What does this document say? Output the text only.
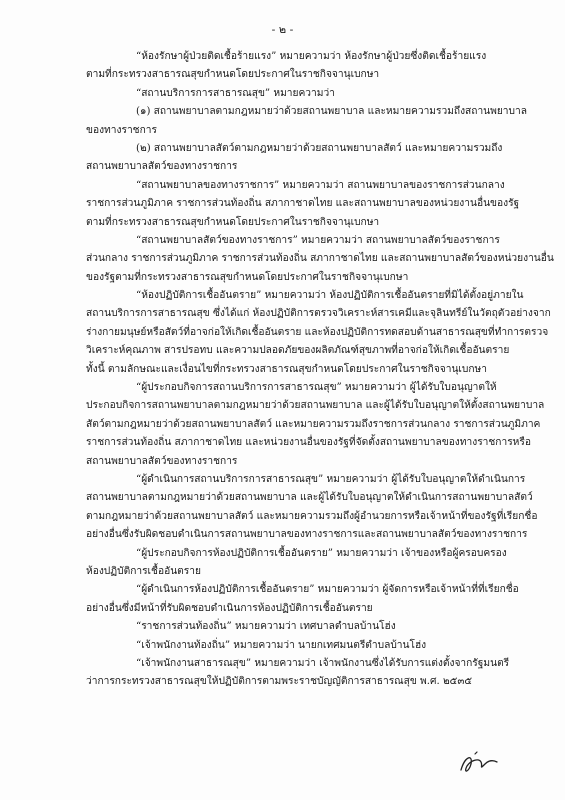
- ๒ -
“ห้องรักษาผู้ป่วยติดเชื้อร้ายแรง” หมายความว่า ห้องรักษาผู้ป่วยซึ่งติดเชื้อร้ายแรง
ตามที่กระทรวงสาธารณสุขกำหนดโดยประกาศในราชกิจจานุเบกษา
“สถานบริการการสาธารณสุข” หมายความว่า
(๑) สถานพยาบาลตามกฎหมายว่าด้วยสถานพยาบาล และหมายความรวมถึงสถานพยาบาล
ของทางราชการ
(๒) สถานพยาบาลสัตว์ตามกฎหมายว่าด้วยสถานพยาบาลสัตว์ และหมายความรวมถึง
สถานพยาบาลสัตว์ของทางราชการ
“สถานพยาบาลของทางราชการ” หมายความว่า สถานพยาบาลของราชการส่วนกลาง
ราชการส่วนภูมิภาค ราชการส่วนท้องถิ่น สภากาชาดไทย และสถานพยาบาลของหน่วยงานอื่นของรัฐ
ตามที่กระทรวงสาธารณสุขกำหนดโดยประกาศในราชกิจจานุเบกษา
“สถานพยาบาลสัตว์ของทางราชการ” หมายความว่า สถานพยาบาลสัตว์ของราชการ
ส่วนกลาง ราชการส่วนภูมิภาค ราชการส่วนท้องถิ่น สภากาชาดไทย และสถานพยาบาลสัตว์ของหน่วยงานอื่น
ของรัฐตามที่กระทรวงสาธารณสุขกำหนดโดยประกาศในราชกิจจานุเบกษา
“ห้องปฏิบัติการเชื้ออันตราย” หมายความว่า ห้องปฏิบัติการเชื้ออันตรายที่มิได้ตั้งอยู่ภายใน
สถานบริการการสาธารณสุข ซึ่งได้แก่ ห้องปฏิบัติการตรวจวิเคราะห์สารเคมีและจุลินทรีย์ในวัตถุตัวอย่างจาก
ร่างกายมนุษย์หรือสัตว์ที่อาจก่อให้เกิดเชื้ออันตราย และห้องปฏิบัติการทดสอบด้านสาธารณสุขที่ทำการตรวจ
วิเคราะห์คุณภาพ สารปรอทบ และความปลอดภัยของผลิตภัณฑ์สุขภาพที่อาจก่อให้เกิดเชื้ออันตราย
ทั้งนี้ ตามลักษณะและเงื่อนไขที่กระทรวงสาธารณสุขกำหนดโดยประกาศในราชกิจจานุเบกษา
“ผู้ประกอบกิจการสถานบริการการสาธารณสุข” หมายความว่า ผู้ได้รับใบอนุญาตให้
ประกอบกิจการสถานพยาบาลตามกฎหมายว่าด้วยสถานพยาบาล และผู้ได้รับใบอนุญาตให้ตั้งสถานพยาบาล
สัตว์ตามกฎหมายว่าด้วยสถานพยาบาลสัตว์ และหมายความรวมถึงราชการส่วนกลาง ราชการส่วนภูมิภาค
ราชการส่วนท้องถิ่น สภากาชาดไทย และหน่วยงานอื่นของรัฐที่จัดตั้งสถานพยาบาลของทางราชการหรือ
สถานพยาบาลสัตว์ของทางราชการ
“ผู้ดำเนินการสถานบริการการสาธารณสุข” หมายความว่า ผู้ได้รับใบอนุญาตให้ดำเนินการ
สถานพยาบาลตามกฎหมายว่าด้วยสถานพยาบาล และผู้ได้รับใบอนุญาตให้ดำเนินการสถานพยาบาลสัตว์
ตามกฎหมายว่าด้วยสถานพยาบาลสัตว์ และหมายความรวมถึงผู้อำนวยการหรือเจ้าหน้าที่ของรัฐที่เรียกชื่อ
อย่างอื่นซึ่งรับผิดชอบดำเนินการสถานพยาบาลของทางราชการและสถานพยาบาลสัตว์ของทางราชการ
“ผู้ประกอบกิจการห้องปฏิบัติการเชื้ออันตราย” หมายความว่า เจ้าของหรือผู้ครอบครอง
ห้องปฏิบัติการเชื้ออันตราย
“ผู้ดำเนินการห้องปฏิบัติการเชื้ออันตราย” หมายความว่า ผู้จัดการหรือเจ้าหน้าที่ที่เรียกชื่อ
อย่างอื่นซึ่งมีหน้าที่รับผิดชอบดำเนินการห้องปฏิบัติการเชื้ออันตราย
“ราชการส่วนท้องถิ่น” หมายความว่า เทศบาลตำบลบ้านโฮ่ง
“เจ้าพนักงานท้องถิ่น” หมายความว่า นายกเทศมนตรีตำบลบ้านโฮ่ง
“เจ้าพนักงานสาธารณสุข” หมายความว่า เจ้าพนักงานซึ่งได้รับการแต่งตั้งจากรัฐมนตรี
ว่าการกระทรวงสาธารณสุขให้ปฏิบัติการตามพระราชบัญญัติการสาธารณสุข พ.ศ. ๒๕๓๕
